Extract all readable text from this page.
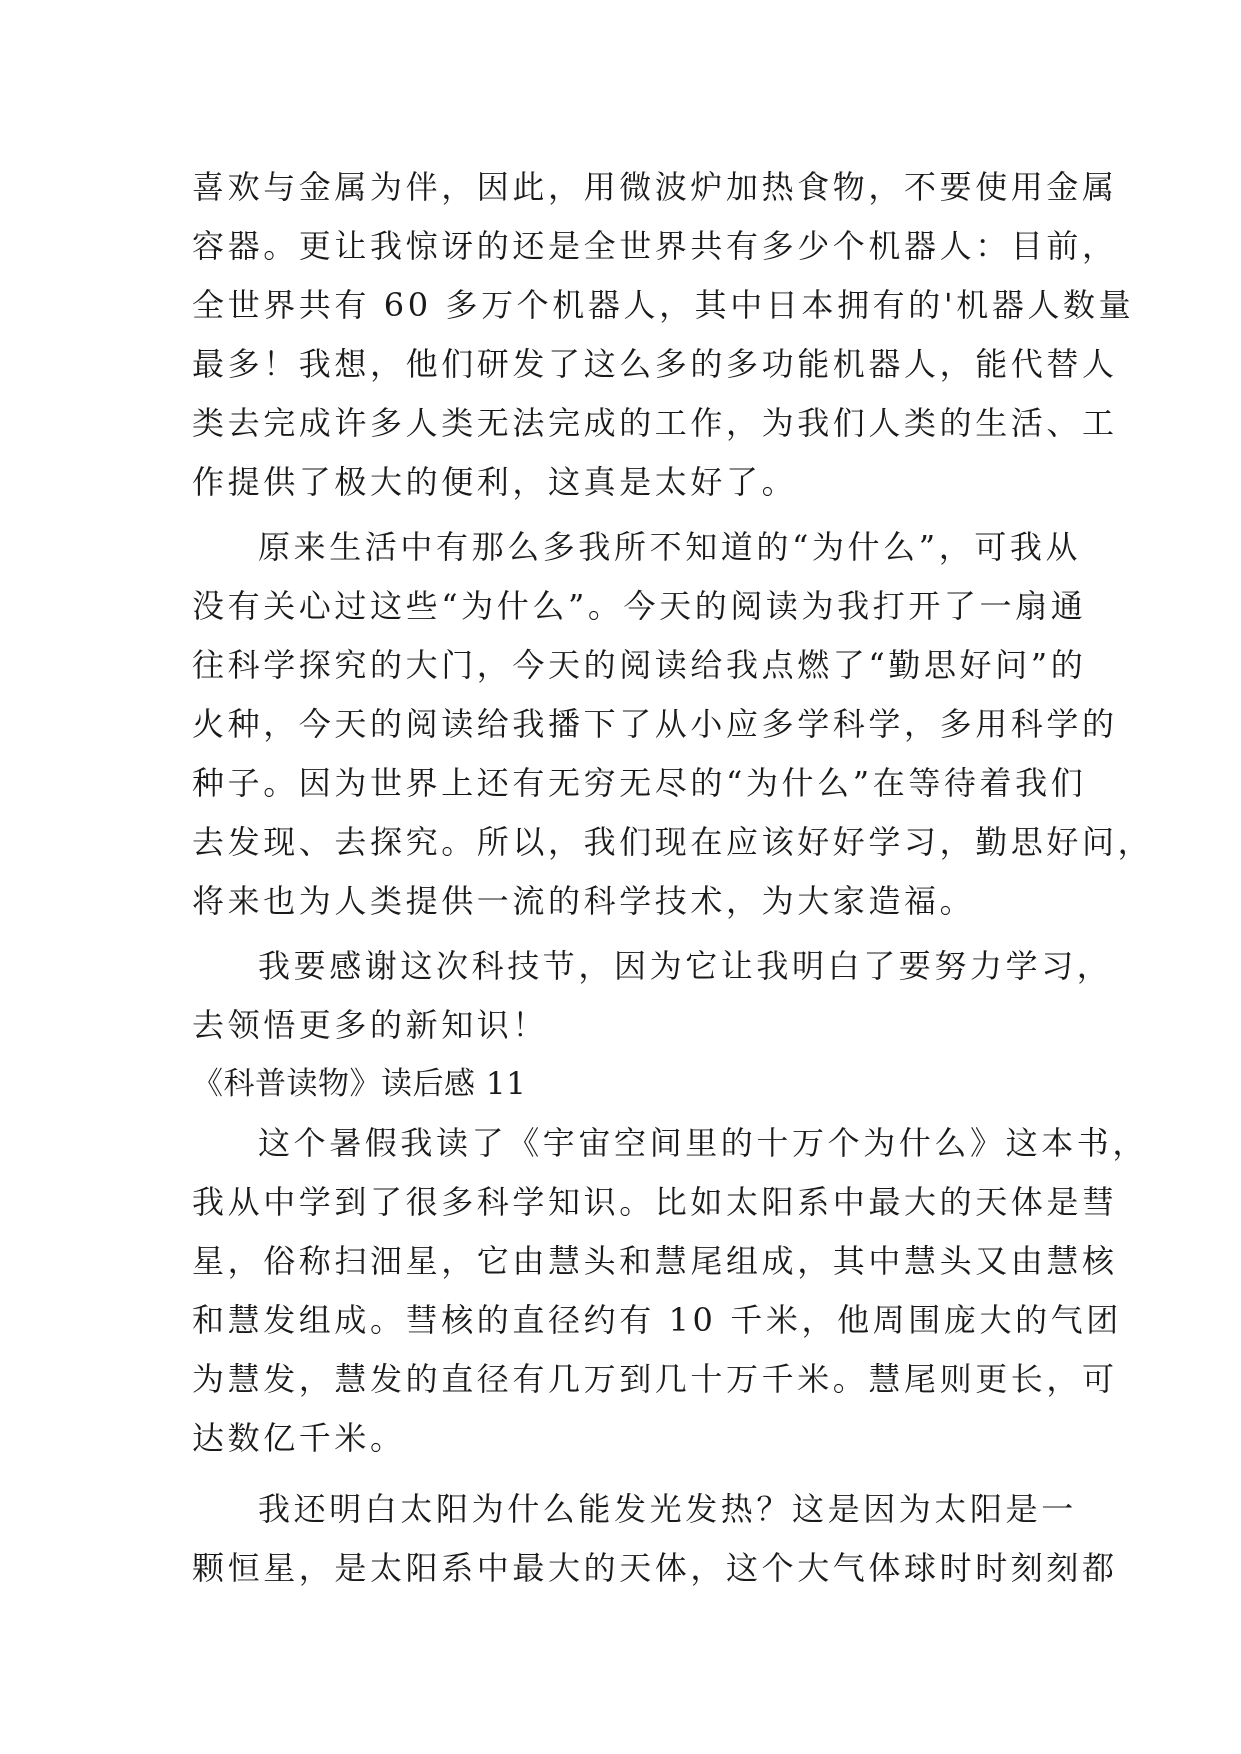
喜欢与金属为伴，因此，用微波炉加热食物，不要使用金属
容器。更让我惊讶的还是全世界共有多少个机器人：目前，
全世界共有 60 多万个机器人，其中日本拥有的'机器人数量
最多！我想，他们研发了这么多的多功能机器人，能代替人
类去完成许多人类无法完成的工作，为我们人类的生活、工
作提供了极大的便利，这真是太好了。
原来生活中有那么多我所不知道的“为什么”，可我从
没有关心过这些“为什么”。今天的阅读为我打开了一扇通
往科学探究的大门，今天的阅读给我点燃了“勤思好问”的
火种，今天的阅读给我播下了从小应多学科学，多用科学的
种子。因为世界上还有无穷无尽的“为什么”在等待着我们
去发现、去探究。所以，我们现在应该好好学习，勤思好问，
将来也为人类提供一流的科学技术，为大家造福。
我要感谢这次科技节，因为它让我明白了要努力学习，
去领悟更多的新知识！
《科普读物》读后感 11
这个暑假我读了《宇宙空间里的十万个为什么》这本书，
我从中学到了很多科学知识。比如太阳系中最大的天体是彗
星，俗称扫沺星，它由慧头和慧尾组成，其中慧头又由慧核
和慧发组成。彗核的直径约有 10 千米，他周围庞大的气团
为慧发，慧发的直径有几万到几十万千米。慧尾则更长，可
达数亿千米。
我还明白太阳为什么能发光发热？这是因为太阳是一
颗恒星，是太阳系中最大的天体，这个大气体球时时刻刻都
